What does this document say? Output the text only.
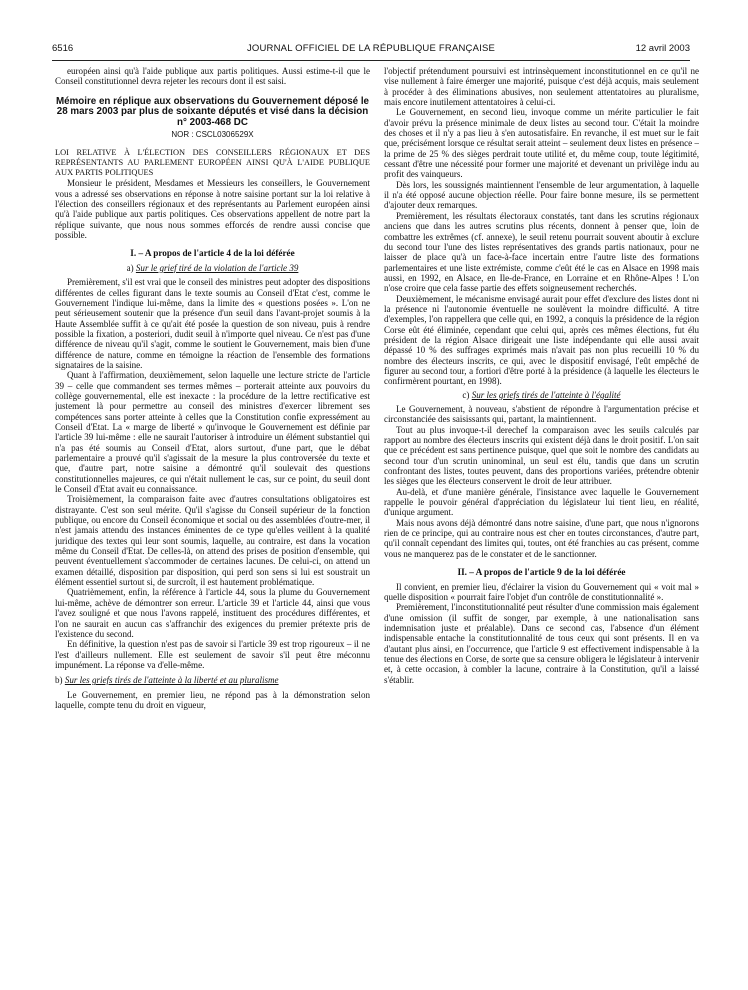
6516	JOURNAL OFFICIEL DE LA RÉPUBLIQUE FRANÇAISE	12 avril 2003

européen ainsi qu'à l'aide publique aux partis politiques. Aussi estime-t-il que le Conseil constitutionnel devra rejeter les recours dont il est saisi.

Mémoire en réplique aux observations du Gouvernement déposé le 28 mars 2003 par plus de soixante députés et visé dans la décision n° 2003-468 DC
NOR : CSCL0306529X

LOI RELATIVE À L'ÉLECTION DES CONSEILLERS RÉGIONAUX ET DES REPRÉSENTANTS AU PARLEMENT EUROPÉEN AINSI QU'À L'AIDE PUBLIQUE AUX PARTIS POLITIQUES

Monsieur le président, Mesdames et Messieurs les conseillers, le Gouvernement vous a adressé ses observations en réponse à notre saisine portant sur la loi relative à l'élection des conseillers régionaux et des représentants au Parlement européen ainsi qu'à l'aide publique aux partis politiques. Ces observations appellent de notre part la réplique suivante, que nous nous sommes efforcés de rendre aussi concise que possible.

I. – A propos de l'article 4 de la loi déférée
a) Sur le grief tiré de la violation de l'article 39

Premièrement, s'il est vrai que le conseil des ministres peut adopter des dispositions différentes de celles figurant dans le texte soumis au Conseil d'Etat c'est, comme le Gouvernement l'indique lui-même, dans la limite des « questions posées ». L'on ne peut sérieusement soutenir que la présence d'un seuil dans l'avant-projet soumis à la Haute Assemblée suffit à ce qu'ait été posée la question de son niveau, puis à rendre possible la fixation, a posteriori, dudit seuil à n'importe quel niveau. Ce n'est pas d'une différence de niveau qu'il s'agit, comme le soutient le Gouvernement, mais bien d'une différence de nature, comme en témoigne la réaction de l'ensemble des formations signataires de la saisine.

Quant à l'affirmation, deuxièmement, selon laquelle une lecture stricte de l'article 39 – celle que commandent ses termes mêmes – porterait atteinte aux pouvoirs du collège gouvernemental, elle est inexacte : la procédure de la lettre rectificative est justement là pour permettre au conseil des ministres d'exercer librement ses compétences sans porter atteinte à celles que la Constitution confie expressément au Conseil d'Etat. La « marge de liberté » qu'invoque le Gouvernement est définie par l'article 39 lui-même : elle ne saurait l'autoriser à introduire un élément substantiel qui n'a pas été soumis au Conseil d'Etat, alors surtout, d'une part, que le débat parlementaire a prouvé qu'il s'agissait de la mesure la plus controversée du texte et que, d'autre part, notre saisine a démontré qu'il soulevait des questions constitutionnelles majeures, ce qui n'était nullement le cas, sur ce point, du seuil dont le Conseil d'Etat avait eu connaissance.

Troisièmement, la comparaison faite avec d'autres consultations obligatoires est distrayante. C'est son seul mérite. Qu'il s'agisse du Conseil supérieur de la fonction publique, ou encore du Conseil économique et social ou des assemblées d'outre-mer, il n'est jamais attendu des instances éminentes de ce type qu'elles veillent à la qualité juridique des textes qui leur sont soumis, laquelle, au contraire, est dans la vocation même du Conseil d'Etat. De celles-là, on attend des prises de position d'ensemble, qui peuvent éventuellement s'accommoder de certaines lacunes. De celui-ci, on attend un examen détaillé, disposition par disposition, qui perd son sens si lui est soustrait un élément essentiel surtout si, de surcroît, il est hautement problématique.

Quatrièmement, enfin, la référence à l'article 44, sous la plume du Gouvernement lui-même, achève de démontrer son erreur. L'article 39 et l'article 44, ainsi que vous l'avez souligné et que nous l'avons rappelé, instituent des procédures différentes, et l'on ne saurait en aucun cas s'affranchir des exigences du premier prétexte pris de l'existence du second.

En définitive, la question n'est pas de savoir si l'article 39 est trop rigoureux – il ne l'est d'ailleurs nullement. Elle est seulement de savoir s'il peut être méconnu impunément. La réponse va d'elle-même.

b) Sur les griefs tirés de l'atteinte à la liberté et au pluralisme

Le Gouvernement, en premier lieu, ne répond pas à la démonstration selon laquelle, compte tenu du droit en vigueur,

l'objectif prétendument poursuivi est intrinsèquement inconstitutionnel en ce qu'il ne vise nullement à faire émerger une majorité, puisque c'est déjà acquis, mais seulement à procéder à des éliminations abusives, non seulement attentatoires au pluralisme, mais encore inutilement attentatoires à celui-ci.

Le Gouvernement, en second lieu, invoque comme un mérite particulier le fait d'avoir prévu la présence minimale de deux listes au second tour. C'était la moindre des choses et il n'y a pas lieu à s'en autosatisfaire. En revanche, il est muet sur le fait que, précisément lorsque ce résultat serait atteint – seulement deux listes en présence – la prime de 25 % des sièges perdrait toute utilité et, du même coup, toute légitimité, cessant d'être une nécessité pour former une majorité et devenant un privilège indu au profit des vainqueurs.

Dès lors, les soussignés maintiennent l'ensemble de leur argumentation, à laquelle il n'a été opposé aucune objection réelle. Pour faire bonne mesure, ils se permettent d'ajouter deux remarques.

Premièrement, les résultats électoraux constatés, tant dans les scrutins régionaux anciens que dans les autres scrutins plus récents, donnent à penser que, loin de combattre les extrêmes (cf. annexe), le seuil retenu pourrait souvent aboutir à exclure du second tour l'une des listes représentatives des grands partis nationaux, pour ne laisser de place qu'à un face-à-face incertain entre l'autre liste des formations parlementaires et une liste extrémiste, comme c'eût été le cas en Alsace en 1998 mais aussi, en 1992, en Alsace, en Ile-de-France, en Lorraine et en Rhône-Alpes ! L'on n'ose croire que cela fasse partie des effets soigneusement recherchés.

Deuxièmement, le mécanisme envisagé aurait pour effet d'exclure des listes dont ni la présence ni l'autonomie éventuelle ne soulèvent la moindre difficulté. A titre d'exemples, l'on rappellera que celle qui, en 1992, a conquis la présidence de la région Corse eût été éliminée, cependant que celui qui, après ces mêmes élections, fut élu président de la région Alsace dirigeait une liste indépendante qui elle aussi avait dépassé 10 % des suffrages exprimés mais n'avait pas non plus recueilli 10 % du nombre des électeurs inscrits, ce qui, avec le dispositif envisagé, l'eût empêché de figurer au second tour, a fortiori d'être porté à la présidence (à laquelle les électeurs le confirmèrent pourtant, en 1998).

c) Sur les griefs tirés de l'atteinte à l'égalité

Le Gouvernement, à nouveau, s'abstient de répondre à l'argumentation précise et circonstanciée des saisissants qui, partant, la maintiennent.

Tout au plus invoque-t-il derechef la comparaison avec les seuils calculés par rapport au nombre des électeurs inscrits qui existent déjà dans le droit positif. L'on sait que ce précédent est sans pertinence puisque, quel que soit le nombre des candidats au second tour d'un scrutin uninominal, un seul est élu, tandis que dans un scrutin confrontant des listes, toutes peuvent, dans des proportions variées, prétendre obtenir les sièges que les électeurs conservent le droit de leur attribuer.

Au-delà, et d'une manière générale, l'insistance avec laquelle le Gouvernement rappelle le pouvoir général d'appréciation du législateur lui tient lieu, en réalité, d'unique argument.

Mais nous avons déjà démontré dans notre saisine, d'une part, que nous n'ignorons rien de ce principe, qui au contraire nous est cher en toutes circonstances, d'autre part, qu'il connaît cependant des limites qui, toutes, ont été franchies au cas présent, comme vous ne manquerez pas de le constater et de le sanctionner.

II. – A propos de l'article 9 de la loi déférée

Il convient, en premier lieu, d'éclairer la vision du Gouvernement qui « voit mal » quelle disposition « pourrait faire l'objet d'un contrôle de constitutionnalité ».

Premièrement, l'inconstitutionnalité peut résulter d'une commission mais également d'une omission (il suffit de songer, par exemple, à une nationalisation sans indemnisation juste et préalable). Dans ce second cas, l'absence d'un élément indispensable entache la constitutionnalité de tous ceux qui sont présents. Il en va d'autant plus ainsi, en l'occurrence, que l'article 9 est effectivement indispensable à la tenue des élections en Corse, de sorte que sa censure obligera le législateur à intervenir et, à cette occasion, à combler la lacune, contraire à la Constitution, qu'il a laissé s'établir.
